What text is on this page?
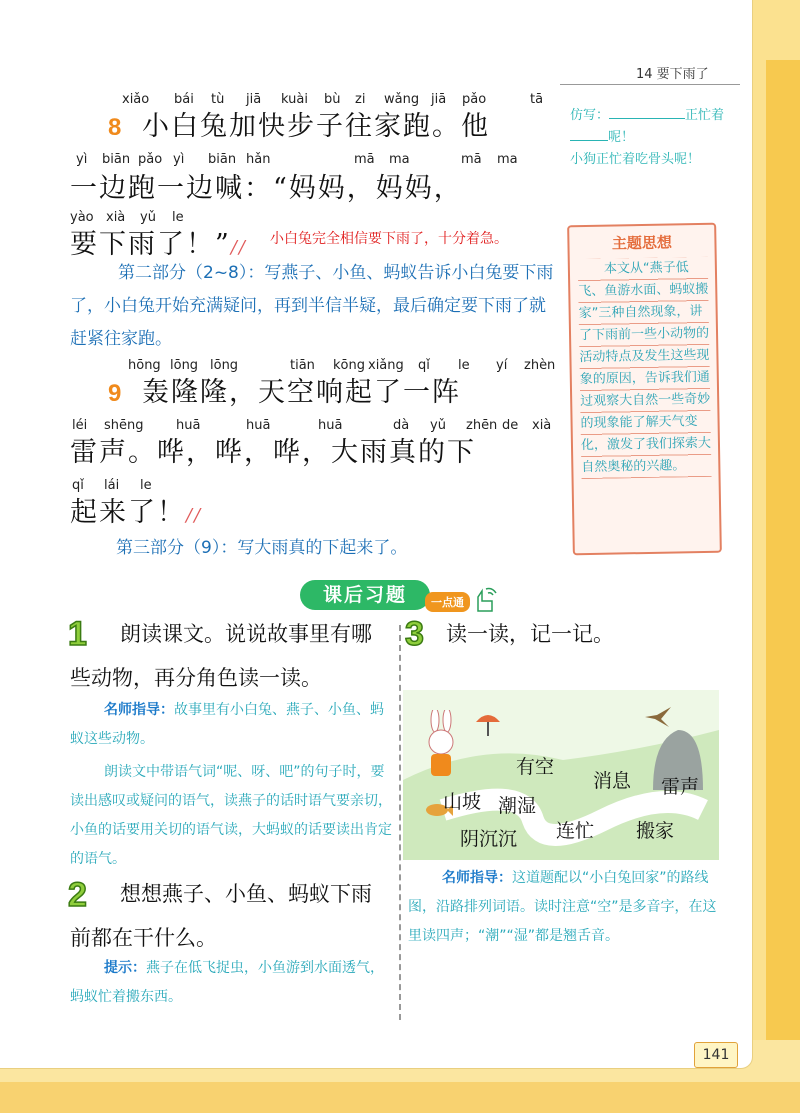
14 要下雨了
xiǎo bái tù jiā kuài bù zi wǎng jiā pǎo	tā
8 小白兔加快步子往家跑。他
yì biān pǎo yì biān hǎn	mā ma	mā ma
一边跑一边喊：“妈妈，妈妈，
yào xià yǔ le
要下雨了！”// 小白兔完全相信要下雨了，十分着急。
第二部分（2~8）：写燕子、小鱼、蚂蚁告诉小白兔要下雨了，小白兔开始充满疑问，再到半信半疑，最后确定要下雨了就赶紧往家跑。
hōng lōng lōng	tiān kōng xiǎng qǐ le yí zhèn
9 轰隆隆，天空响起了一阵
léi shēng huā	huā	huā	dà yǔ zhēn de xià
雷声。哗，哗，哗，大雨真的下
qǐ lái le
起来了！//
第三部分（9）：写大雨真的下起来了。
仿写：	正忙着呢！
小狗正忙着吃骨头呢！
主题思想
本文从“燕子低飞、鱼游水面、蚂蚁搬家”三种自然现象，讲了下雨前一些小动物的活动特点及发生这些现象的原因，告诉我们通过观察大自然一些奇妙的现象能了解天气变化，激发了我们探索大自然奥秘的兴趣。
课后习题	一点通
1	朗读课文。说说故事里有哪些动物，再分角色读一读。
名师指导：故事里有小白兔、燕子、小鱼、蚂蚁这些动物。
朗读文中带语气词“呢、呀、吧”的句子时，要读出感叹或疑问的语气，读燕子的话时语气要亲切，小鱼的话要用关切的语气读，大蚂蚁的话要读出肯定的语气。
2	想想燕子、小鱼、蚂蚁下雨前都在干什么。
提示：燕子在低飞捉虫，小鱼游到水面透气，蚂蚁忙着搬东西。
3 读一读，记一记。
有空
消息 雷声
山坡 潮湿
阴沉沉 连忙 搬家
名师指导：这道题配以“小白兔回家”的路线图，沿路排列词语。读时注意“空”是多音字，在这里读四声；“潮”“湿”都是翘舌音。
141
